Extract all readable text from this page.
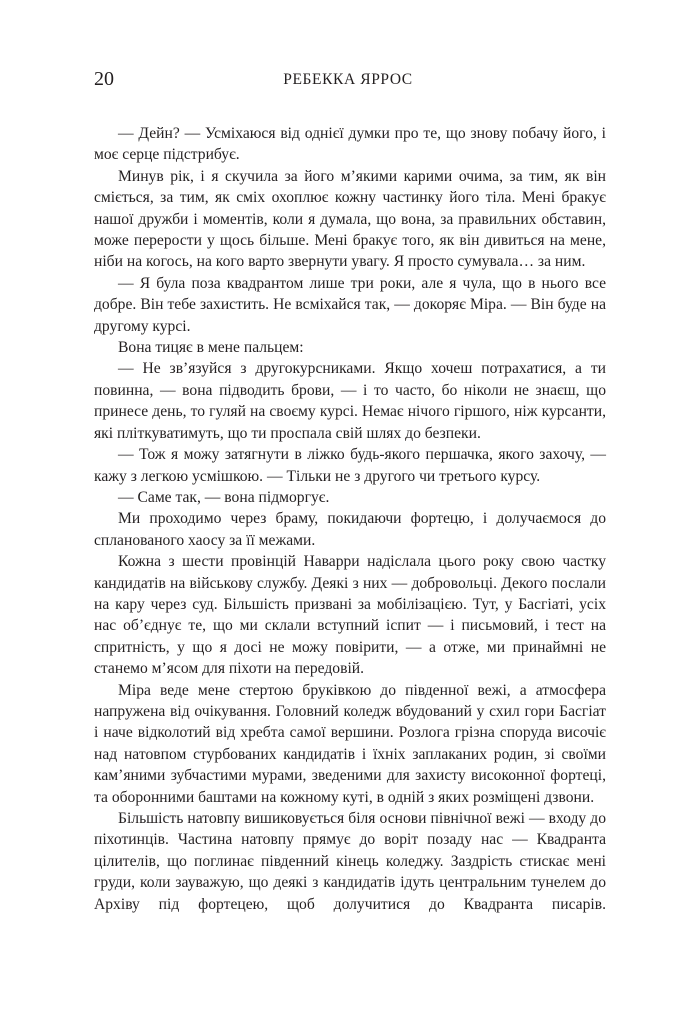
20	РЕБЕККА ЯРРОС

— Дейн? — Усміхаюся від однієї думки про те, що знову побачу його, і моє серце підстрибує.

Минув рік, і я скучила за його м’якими карими очима, за тим, як він сміється, за тим, як сміх охоплює кожну частинку його тіла. Мені бракує нашої дружби і моментів, коли я думала, що вона, за правильних обставин, може перерости у щось більше. Мені бракує того, як він дивиться на мене, ніби на когось, на кого варто звернути увагу. Я просто сумувала… за ним.

— Я була поза квадрантом лише три роки, але я чула, що в нього все добре. Він тебе захистить. Не всміхайся так, — докоряє Міра. — Він буде на другому курсі.

Вона тицяє в мене пальцем:

— Не зв’язуйся з другокурсниками. Якщо хочеш потрахатися, а ти повинна, — вона підводить брови, — і то часто, бо ніколи не знаєш, що принесе день, то гуляй на своєму курсі. Немає нічого гіршого, ніж курсанти, які пліткуватимуть, що ти проспала свій шлях до безпеки.

— Тож я можу затягнути в ліжко будь-якого першачка, якого захочу, — кажу з легкою усмішкою. — Тільки не з другого чи третього курсу.

— Саме так, — вона підморгує.

Ми проходимо через браму, покидаючи фортецю, і долучаємося до спланованого хаосу за її межами.

Кожна з шести провінцій Наварри надіслала цього року свою частку кандидатів на військову службу. Деякі з них — добровольці. Декого послали на кару через суд. Більшість призвані за мобілізацією. Тут, у Басгіаті, усіх нас об’єднує те, що ми склали вступний іспит — і письмовий, і тест на спритність, у що я досі не можу повірити, — а отже, ми принаймні не станемо м’ясом для піхоти на передовій.

Міра веде мене стертою бруківкою до південної вежі, а атмосфера напружена від очікування. Головний коледж вбудований у схил гори Басгіат і наче відколотий від хребта самої вершини. Розлога грізна споруда височіє над натовпом стурбованих кандидатів і їхніх заплаканих родин, зі своїми кам’яними зубчастими мурами, зведеними для захисту високонної фортеці, та оборонними баштами на кожному куті, в одній з яких розміщені дзвони.

Більшість натовпу вишиковується біля основи північної вежі — входу до піхотинців. Частина натовпу прямує до воріт позаду нас — Квадранта цілителів, що поглинає південний кінець коледжу. Заздрість стискає мені груди, коли зауважую, що деякі з кандидатів ідуть центральним тунелем до Архіву під фортецею, щоб долучитися до Квадранта писарів.
